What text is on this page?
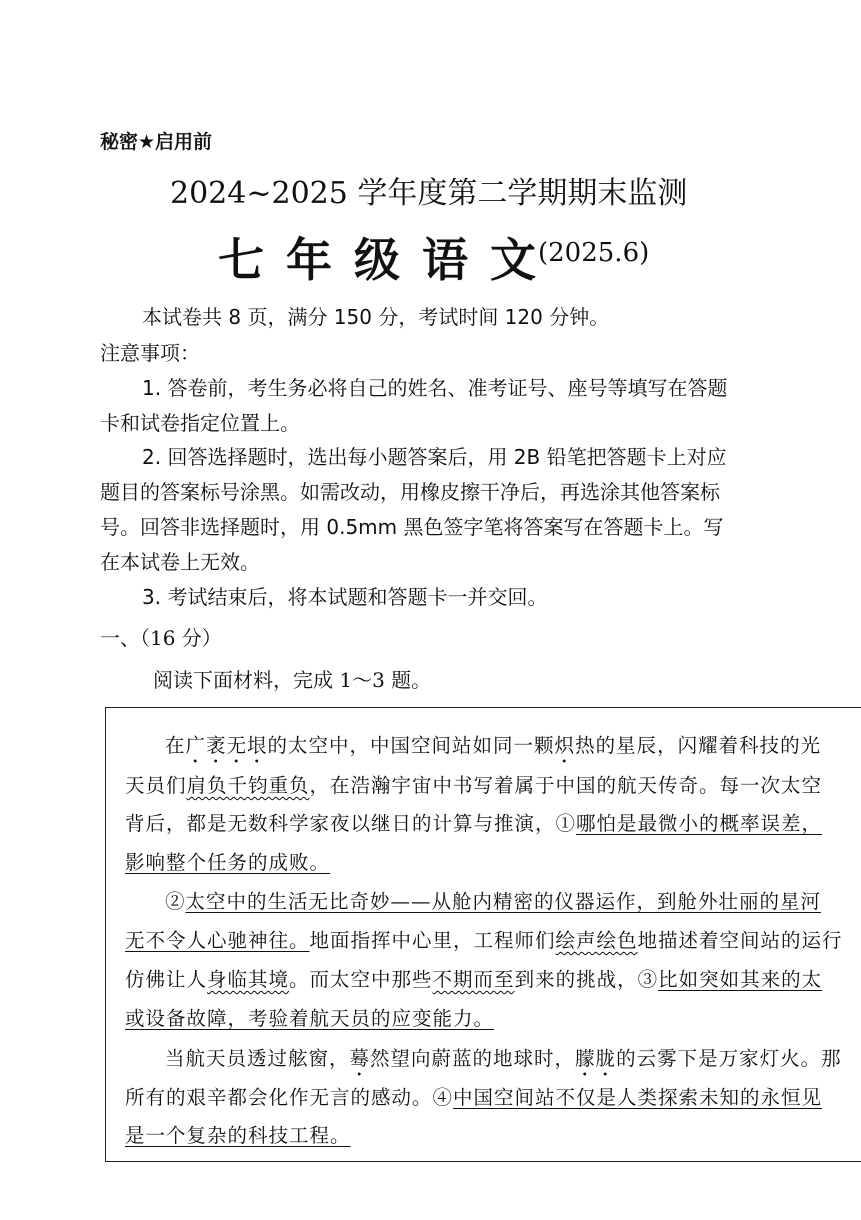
秘密★启用前
2024~2025 学年度第二学期期末监测
七年级语文
(2025.6)
本试卷共 8 页，满分 150 分，考试时间 120 分钟。
注意事项：
1. 答卷前，考生务必将自己的姓名、准考证号、座号等填写在答题
卡和试卷指定位置上。
2. 回答选择题时，选出每小题答案后，用 2B 铅笔把答题卡上对应
题目的答案标号涂黑。如需改动，用橡皮擦干净后，再选涂其他答案标
号。回答非选择题时，用 0.5mm 黑色签字笔将答案写在答题卡上。写
在本试卷上无效。
3. 考试结束后，将本试题和答题卡一并交回。
一、（16 分）
阅读下面材料，完成 1～3 题。
在广袤无垠的太空中，中国空间站如同一颗炽热的星辰，闪耀着科技的光
天员们肩负千钧重负，在浩瀚宇宙中书写着属于中国的航天传奇。每一次太空
背后，都是无数科学家夜以继日的计算与推演，①哪怕是最微小的概率误差，
影响整个任务的成败。
②太空中的生活无比奇妙——从舱内精密的仪器运作，到舱外壮丽的星河
无不令人心驰神往。地面指挥中心里，工程师们绘声绘色地描述着空间站的运行
仿佛让人身临其境。而太空中那些不期而至到来的挑战，③比如突如其来的太
或设备故障，考验着航天员的应变能力。
当航天员透过舷窗，蓦然望向蔚蓝的地球时，朦胧的云雾下是万家灯火。那
所有的艰辛都会化作无言的感动。④中国空间站不仅是人类探索未知的永恒见
是一个复杂的科技工程。
